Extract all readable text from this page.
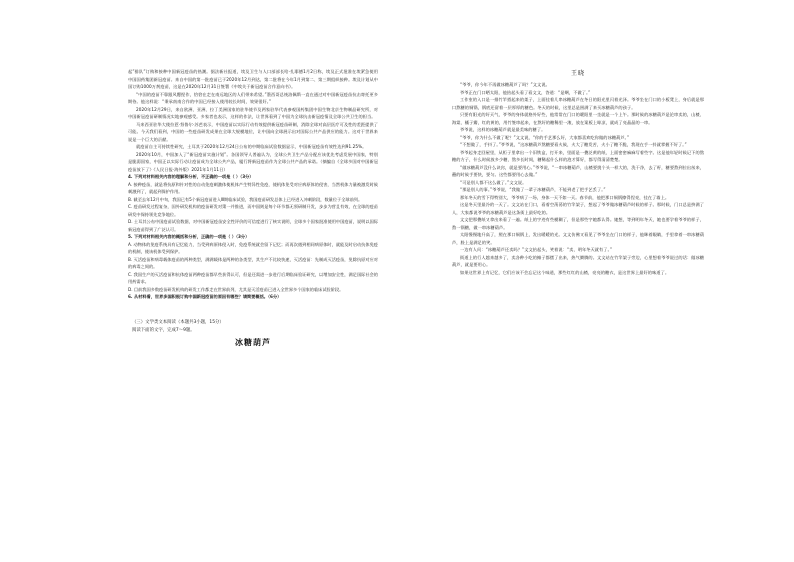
起”排队”订购和接种中国新冠疫苗的热潮。据法新社报道，埃及卫生与人口部部长哈·扎耶德1月2日称，埃及正式批准在埃紧急使用中国国药集团新冠疫苗。来自中国的第一批疫苗已于2020年12月到达，第二批将在今年1月到第二、第三期组织接种。埃及计划从中国订购1000万剂疫苗，这是在2020年12月31日签署《中埃关于新冠疫苗合作意向书》。

“中国的疫苗不靠跟风覆捏作，恰恰在走在南远地区的人们带来希望。”墨西哥总统洛佩斯一直在通过对中国新冠疫苗抗击寄托更多期待。他这样说：“秉承南南合作的中国已经接入使用较长时间，效果很好。”

2020年12月29日，来自欧洲、亚洲、拉丁美洲国家的驻华使节及两家驻华代表参观国药集团中国生物北京生物制品研究所，对中国新冠疫苗研制情况实地参观感受。多家者也表示，这样的作法，让世界看到了中国为全球抗击新冠疫情及全球公共卫生的担当。

马来西亚驻华大使拉惹·努鲁尔·苏芭表示，中国疫苗以实际行动有效提供新冠疫苗研制，消除全球对高层医疗可及性的差距提供了可能。今天我们看到，中国的一些疫苗研发成果在全球大规模地位，让中国向全球展示出对国际公共产品供应的能力。这对于世界来说是一个巨大的贡献。

就疫苗自主可持续性研究，土耳其于2020年12月24日公布的中期临床试验数据显示，中国新冠疫苗有效性达到91.25%。

2020年10月，中国加入了“新冠疫苗实施计划”。各国领导人普遍认为，全球公共卫生产品分配应该优先考虑发展中国家，特别是脆弱国家，中国正以实际行动让疫苗成为全球公共产品，履行将新冠疫苗作为全球公共产品的承诺。（摘编自《全球多国对中国新冠疫苗放下了》《人民日报·海外版》2021年1月11日）

4. 下列对材料相关内容的理解和分析，不正确的一项是（ ）（3分）

A. 接种疫苗，就是将抗原和针对性的自动免疫刺激体使机体产生特异性免疫，使机体免受对应病原体的侵害，当然机体力量被激发时候刺激到了，就起到保护作用。

B. 截至去年12月中旬，我国已有5个新冠疫苗进入Ⅲ期临床试验，我国疫苗研发总体上已经进入冲刺阶段，数量位于全球前列。

C. 疫苗研发过程复杂，国外研发机构的疫苗研发对策一并推进，而中国则是每个环节都无须研制开发，步步为营且有效，在全球的疫苗研发中保持领先竞争地位。

D. 土耳其公布中国疫苗试验数据，对中国新冠疫苗安全性评价的可信度进行了核实说明，全球多个国家批准使用中国疫苗，说明以国际新冠疫苗得到了广泛认可。

5. 下列对材料相关内容的概括和分析，正确的一项是（ ）（3分）

A. 动物体的免疫系统具有记忆能力，当受到病原体侵入时，免疫系统就会留下记忆；而再次遇到相同病原体时，就能及时启动抗体免疫的机制，使该机体受到保护。

B. 灭活疫苗和病毒载体疫苗的两种类型，满满载体是两种的各类型，其生产不比较快速，灭活疫苗：先制成灭活疫苗，免除抗原对应对的病毒之间的。

C. 我国生产的灭活疫苗和抗体疫苗两种疫苗都早些获得认可，但是还需进一步进行后期临床验证研究，以增加安全性，满足国际社会的用药需求。

D. 目前我国多数疫苗研发机构的研发工作都走在世界前列，尤其是灭活疫苗已进入全世界多个国家的临床试验阶段。

6. 从材料看，世界多国积极订购中国新冠疫苗的原因有哪些？请简要概括。（6分）

（三）文学类文本阅读（本题共3小题，15分）

阅读下面的文字，完成7～9题。

冰糖葫芦

王晓

“爷爷，你今年不再做冰糖葫芦了吗？”文文说。

爷爷正在门口晒太阳，他抬起头看了看文文，答道：“是啊，不做了。”

工作室的入口是一排竹竿搭起来的架子，上面挂着几串冰糖葫芦在冬日的阳光里闪着光泽。爷爷坐在门口的小板凳上，身后就是那口熬糖的铜锅，锅底还留着一层厚厚的糖色。冬天的时候，这里总是围满了来买冰糖葫芦的孩子。

只要有阳光的好天气，爷爷的身体就格外好些，他常常在门口的暖阳里一坐就是一个上午。那时候的冰糖葫芦是论串卖的，山楂、海棠、橘子瓣，红的黄的，用竹签串起来，在熬好的糖稀里一滚，放在案板上晾凉，就成了亮晶晶的一串。

爷爷说，这样的冰糖葫芦就是最美味的糖了。

“爷爷，你为什么不做了呢？”文文说，“你的手艺那么好，大家都喜欢吃你做的冰糖葫芦。”

“不想做了，手抖了。”爷爷说，“这冰糖葫芦熬糖要看火候，火大了糖发苦，火小了糖不脆，我现在手一抖就掌握不好了。”

爷爷起身走回屋里，从柜子里拿出一个旧铁盒，打开来，里面是一叠泛黄的纸，上面密密麻麻写着些字。这是他年轻时候记下的熬糖的方子，什么时候放多少糖，熬多长时间，糖稀起什么样的泡才算好，都写得清清楚楚。

“做冰糖葫芦没什么诀窍，就是要用心。”爷爷说，“一串冰糖葫芦，山楂要挑个头一样大的，洗干净，去了籽，糖要熬到拉出丝来，蘸的时候手要快，要匀。这些都要用心去做。”

“可是别人都不这么做了。”文文说。

“那是别人的事。”爷爷说，“我做了一辈子冰糖葫芦，不能到老了把手艺丢了。”

那年冬天的雪下得特别大，爷爷病了一场，身体一天不如一天。春节前，他把那口铜锅擦得锃亮，挂在了墙上。

这是冬天里最冷的一天了。文文站在门口，看着空荡荡的竹竿架子，想起了爷爷做冰糖葫芦时候的样子。那时候，门口总是挤满了人，大家都说爷爷的冰糖葫芦是这条街上最好吃的。

文文把那叠纸又拿出来看了一遍。纸上的字迹有些模糊了，但是那些字她都认得。她想，等到明年冬天，她也要学着爷爷的样子，熬一锅糖，做一串冰糖葫芦。

太阳慢慢地升高了，照在那口铜锅上，发出暖暖的光。文文仿佛又看见了爷爷坐在门口的样子，他眯着眼睛，手里拿着一串冰糖葫芦，脸上是满足的笑。

一边有人问：“冰糖葫芦还卖吗？”文文抬起头，笑着说：“卖，明年冬天就有了。”

街道上的行人越来越多了，卖各种小吃的摊子都摆了出来，热气腾腾的。文文站在竹竿架子旁边，心里想着爷爷说过的话：做冰糖葫芦，就是要用心。

如果这世界上有记忆，它们应该不会忘记这个味道，那些红红的山楂，亮亮的糖衣，是这世界上最好的味道了。
